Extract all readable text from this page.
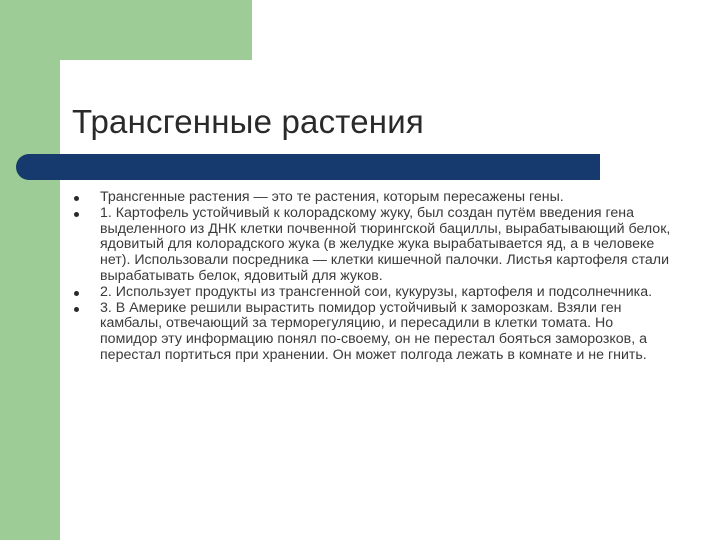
Трансгенные растения
Трансгенные растения — это те растения, которым пересажены гены.
1. Картофель устойчивый к колорадскому жуку, был создан путём введения гена выделенного из ДНК клетки почвенной тюрингской бациллы, вырабатывающий белок, ядовитый для колорадского жука (в желудке жука вырабатывается яд, а в человеке нет). Использовали посредника — клетки кишечной палочки. Листья картофеля стали вырабатывать белок, ядовитый для жуков.
2. Использует продукты из трансгенной сои, кукурузы, картофеля и подсолнечника.
3. В Америке решили вырастить помидор устойчивый к заморозкам. Взяли ген камбалы, отвечающий за терморегуляцию, и пересадили в клетки томата. Но помидор эту информацию понял по-своему, он не перестал бояться заморозков, а перестал портиться при хранении. Он может полгода лежать в комнате и не гнить.
